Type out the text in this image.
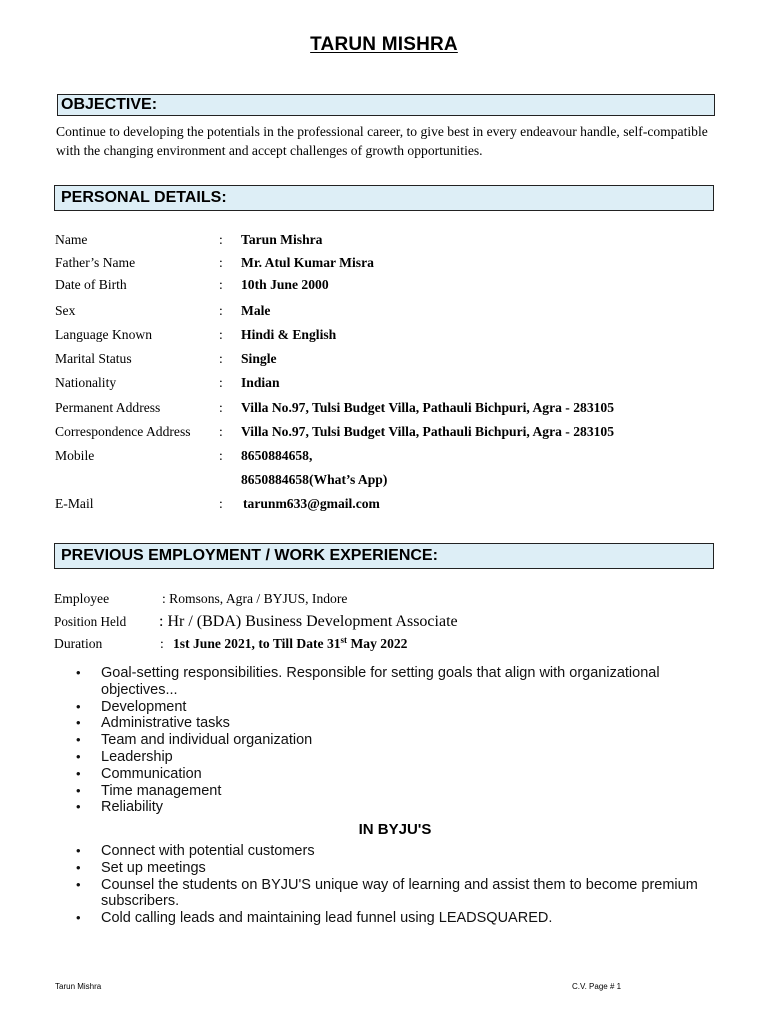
TARUN MISHRA
OBJECTIVE:
Continue to developing the potentials in the professional career, to give best in every endeavour handle, self-compatible with the changing environment and accept challenges of growth opportunities.
PERSONAL DETAILS:
Name	: Tarun Mishra
Father’s Name	: Mr. Atul Kumar Misra
Date of Birth	: 10th June 2000
Sex	: Male
Language Known	: Hindi & English
Marital Status	: Single
Nationality	: Indian
Permanent Address	: Villa No.97, Tulsi Budget Villa, Pathauli Bichpuri, Agra - 283105
Correspondence Address : Villa No.97, Tulsi Budget Villa, Pathauli Bichpuri, Agra - 283105
Mobile	: 8650884658,
8650884658(What’s App)
E-Mail	: tarunm633@gmail.com
PREVIOUS EMPLOYMENT / WORK EXPERIENCE:
Employee	: Romsons, Agra / BYJUS, Indore
Position Held : Hr / (BDA) Business Development Associate
Duration	: 1st June 2021, to Till Date 31st May 2022
• Goal-setting responsibilities. Responsible for setting goals that align with organizational objectives...
• Development
• Administrative tasks
• Team and individual organization
• Leadership
• Communication
• Time management
• Reliability
IN BYJU'S
• Connect with potential customers
• Set up meetings
• Counsel the students on BYJU'S unique way of learning and assist them to become premium subscribers.
• Cold calling leads and maintaining lead funnel using LEADSQUARED.
Tarun Mishra	C.V. Page # 1
